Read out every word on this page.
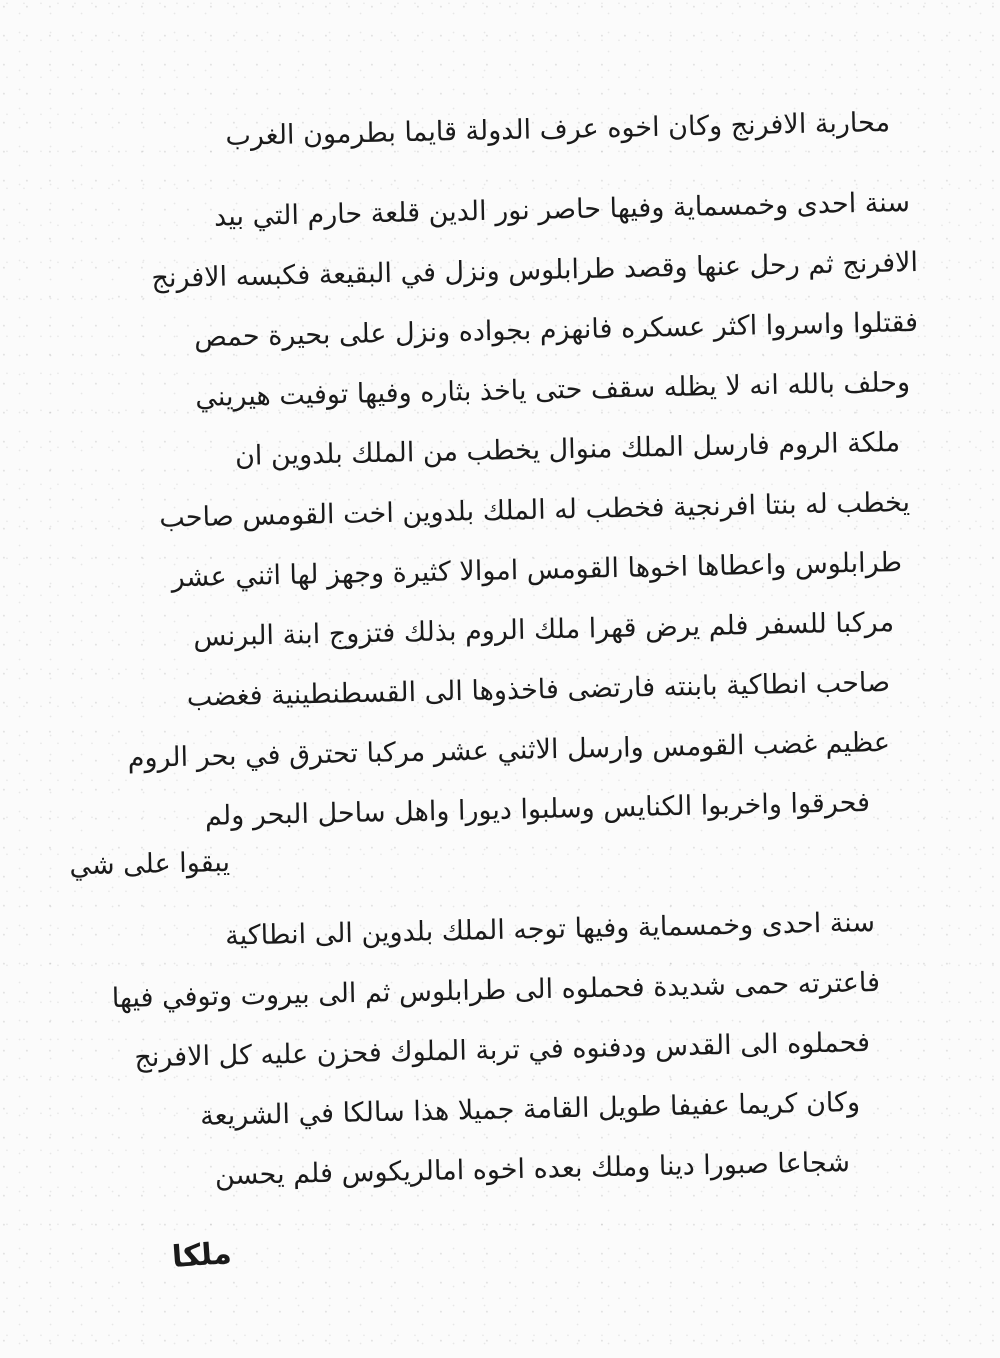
محاربة الافرنج وكان اخوه عرف الدولة قايما بطرمون الغرب
سنة احدى وخمسماية وفيها حاصر نور الدين قلعة حارم التي بيد
الافرنج ثم رحل عنها وقصد طرابلوس ونزل في البقيعة فكبسه الافرنج
فقتلوا واسروا اكثر عسكره فانهزم بجواده ونزل على بحيرة حمص
وحلف بالله انه لا يظله سقف حتى ياخذ بثاره وفيها توفيت هيريني
ملكة الروم فارسل الملك منوال يخطب من الملك بلدوين ان
يخطب له بنتا افرنجية فخطب له الملك بلدوين اخت القومس صاحب
طرابلوس واعطاها اخوها القومس اموالا كثيرة وجهز لها اثني عشر
مركبا للسفر فلم يرض قهرا ملك الروم بذلك فتزوج ابنة البرنس
صاحب انطاكية بابنته فارتضى فاخذوها الى القسطنطينية فغضب
عظيم غضب القومس وارسل الاثني عشر مركبا تحترق في بحر الروم
فحرقوا واخربوا الكنايس وسلبوا ديورا واهل ساحل البحر ولم
يبقوا على شي
سنة احدى وخمسماية وفيها توجه الملك بلدوين الى انطاكية
فاعترته حمى شديدة فحملوه الى طرابلوس ثم الى بيروت وتوفي فيها
فحملوه الى القدس ودفنوه في تربة الملوك فحزن عليه كل الافرنج
وكان كريما عفيفا طويل القامة جميلا هذا سالكا في الشريعة
شجاعا صبورا دينا وملك بعده اخوه امالريكوس فلم يحسن
ملكا
